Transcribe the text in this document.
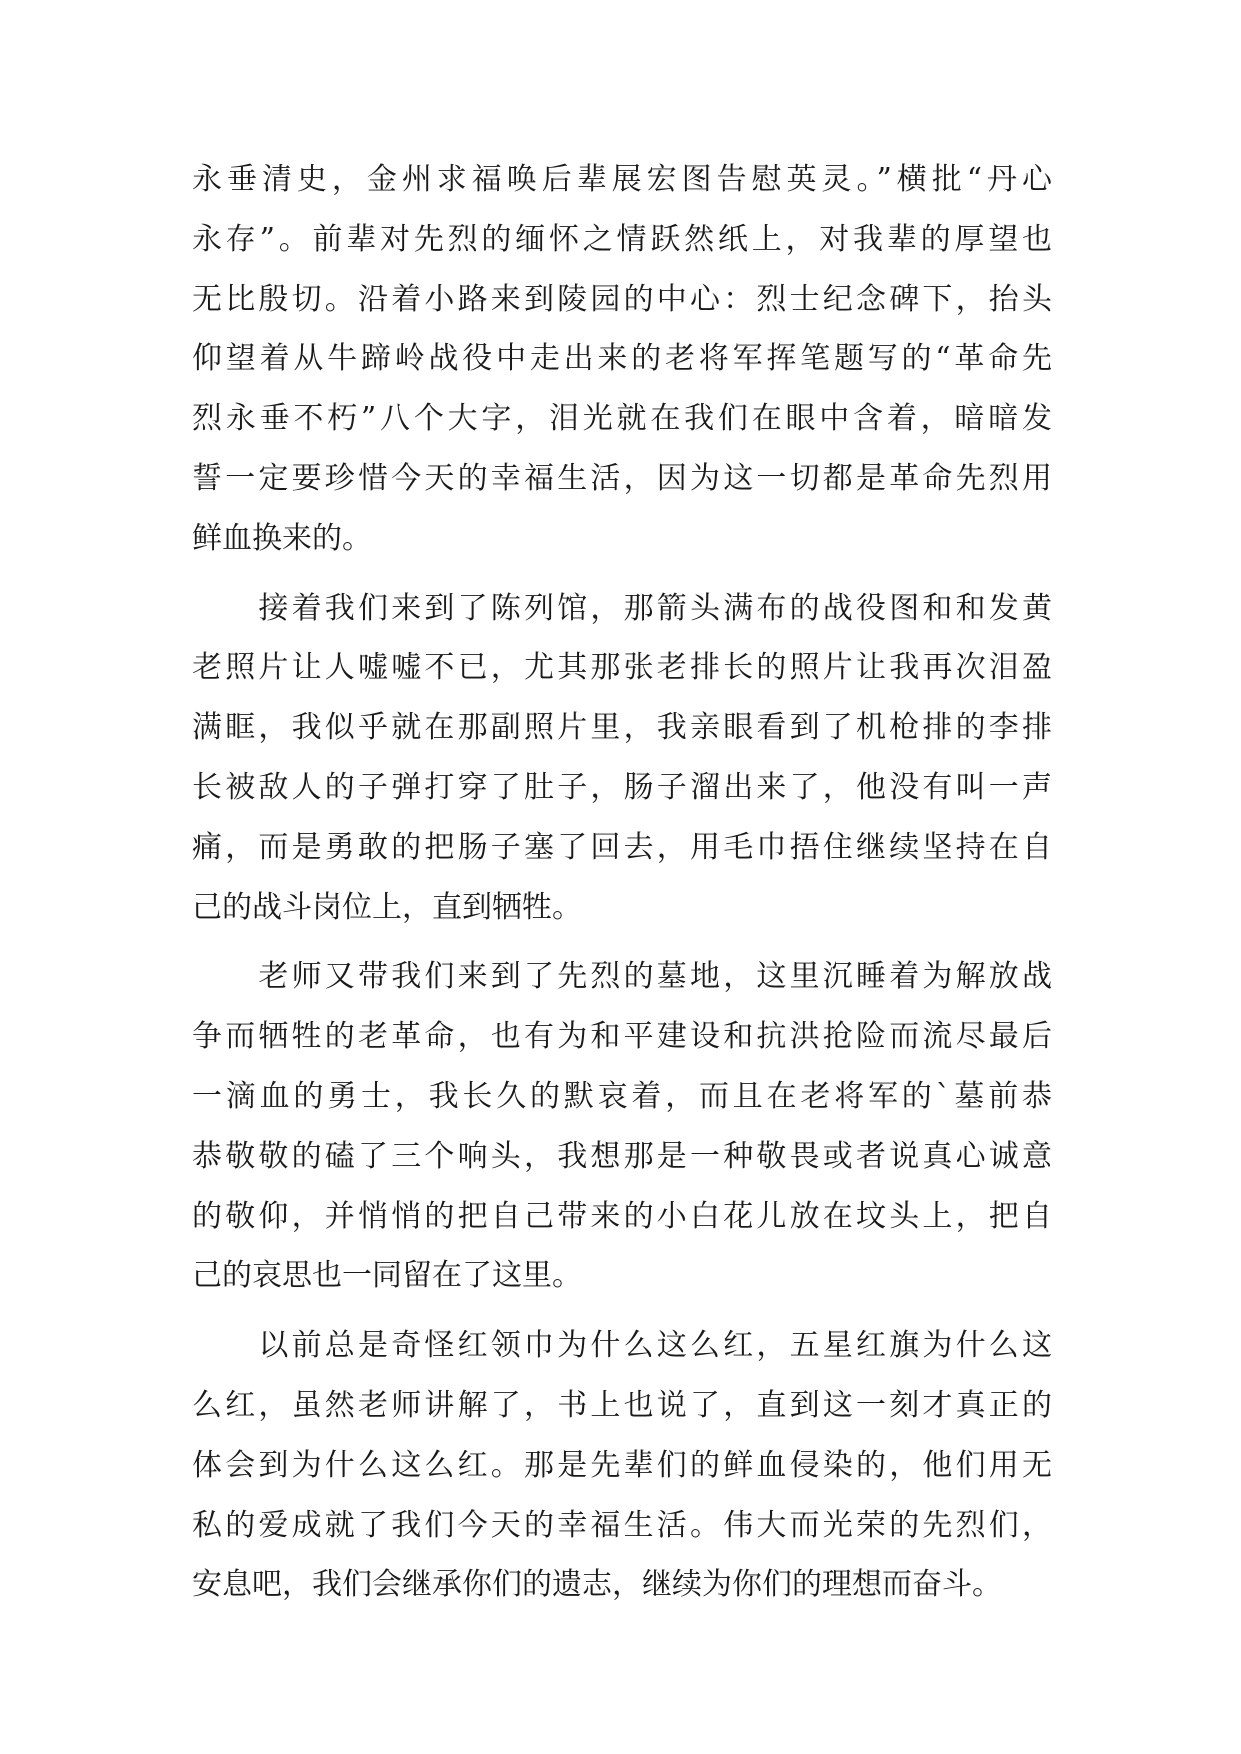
永垂清史，金州求福唤后辈展宏图告慰英灵。”横批“丹心
永存”。前辈对先烈的缅怀之情跃然纸上，对我辈的厚望也
无比殷切。沿着小路来到陵园的中心：烈士纪念碑下，抬头
仰望着从牛蹄岭战役中走出来的老将军挥笔题写的“革命先
烈永垂不朽”八个大字，泪光就在我们在眼中含着，暗暗发
誓一定要珍惜今天的幸福生活，因为这一切都是革命先烈用
鲜血换来的。
　　接着我们来到了陈列馆，那箭头满布的战役图和和发黄
老照片让人嘘嘘不已，尤其那张老排长的照片让我再次泪盈
满眶，我似乎就在那副照片里，我亲眼看到了机枪排的李排
长被敌人的子弹打穿了肚子，肠子溜出来了，他没有叫一声
痛，而是勇敢的把肠子塞了回去，用毛巾捂住继续坚持在自
己的战斗岗位上，直到牺牲。
　　老师又带我们来到了先烈的墓地，这里沉睡着为解放战
争而牺牲的老革命，也有为和平建设和抗洪抢险而流尽最后
一滴血的勇士，我长久的默哀着，而且在老将军的`墓前恭
恭敬敬的磕了三个响头，我想那是一种敬畏或者说真心诚意
的敬仰，并悄悄的把自己带来的小白花儿放在坟头上，把自
己的哀思也一同留在了这里。
　　以前总是奇怪红领巾为什么这么红，五星红旗为什么这
么红，虽然老师讲解了，书上也说了，直到这一刻才真正的
体会到为什么这么红。那是先辈们的鲜血侵染的，他们用无
私的爱成就了我们今天的幸福生活。伟大而光荣的先烈们，
安息吧，我们会继承你们的遗志，继续为你们的理想而奋斗。
